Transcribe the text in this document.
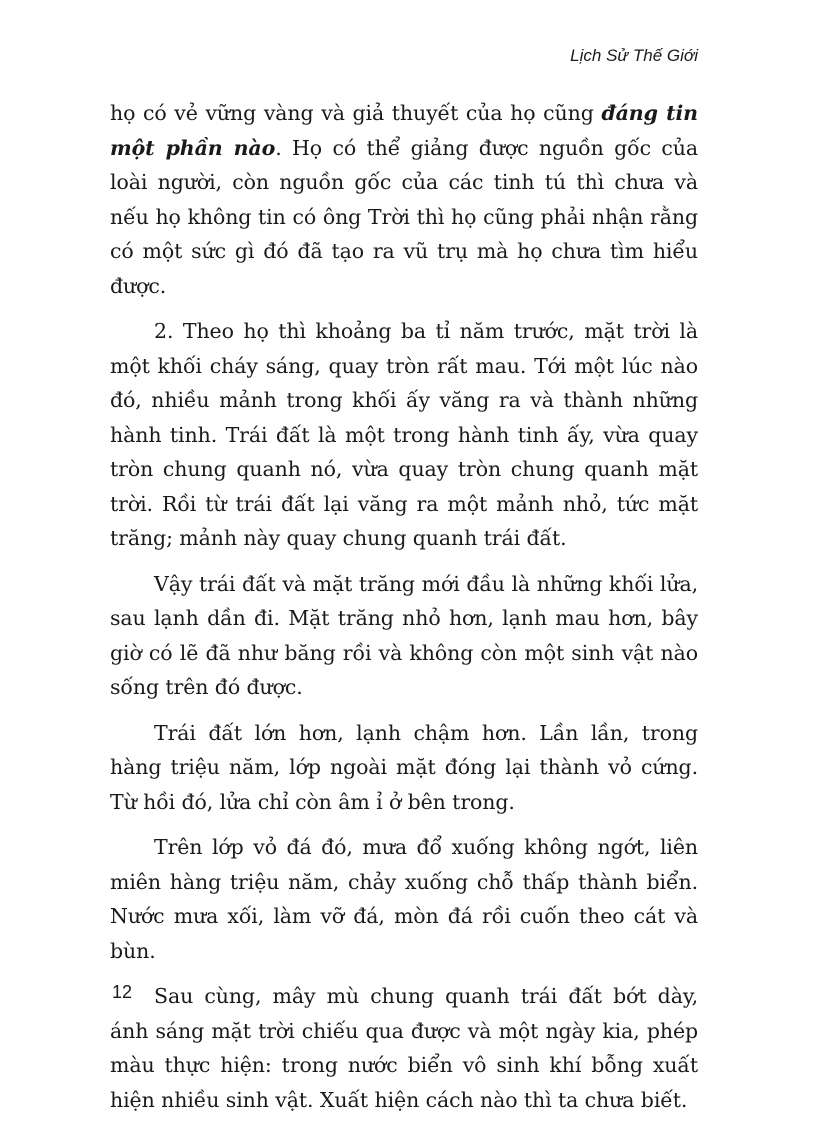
Lịch Sử Thế Giới

họ có vẻ vững vàng và giả thuyết của họ cũng đáng tin một phần nào. Họ có thể giảng được nguồn gốc của loài người, còn nguồn gốc của các tinh tú thì chưa và nếu họ không tin có ông Trời thì họ cũng phải nhận rằng có một sức gì đó đã tạo ra vũ trụ mà họ chưa tìm hiểu được.

2. Theo họ thì khoảng ba tỉ năm trước, mặt trời là một khối cháy sáng, quay tròn rất mau. Tới một lúc nào đó, nhiều mảnh trong khối ấy văng ra và thành những hành tinh. Trái đất là một trong hành tinh ấy, vừa quay tròn chung quanh nó, vừa quay tròn chung quanh mặt trời. Rồi từ trái đất lại văng ra một mảnh nhỏ, tức mặt trăng; mảnh này quay chung quanh trái đất.

Vậy trái đất và mặt trăng mới đầu là những khối lửa, sau lạnh dần đi. Mặt trăng nhỏ hơn, lạnh mau hơn, bây giờ có lẽ đã như băng rồi và không còn một sinh vật nào sống trên đó được.

Trái đất lớn hơn, lạnh chậm hơn. Lần lần, trong hàng triệu năm, lớp ngoài mặt đóng lại thành vỏ cứng. Từ hồi đó, lửa chỉ còn âm ỉ ở bên trong.

Trên lớp vỏ đá đó, mưa đổ xuống không ngớt, liên miên hàng triệu năm, chảy xuống chỗ thấp thành biển. Nước mưa xối, làm vỡ đá, mòn đá rồi cuốn theo cát và bùn.

Sau cùng, mây mù chung quanh trái đất bớt dày, ánh sáng mặt trời chiếu qua được và một ngày kia, phép màu thực hiện: trong nước biển vô sinh khí bỗng xuất hiện nhiều sinh vật. Xuất hiện cách nào thì ta chưa biết.

12
